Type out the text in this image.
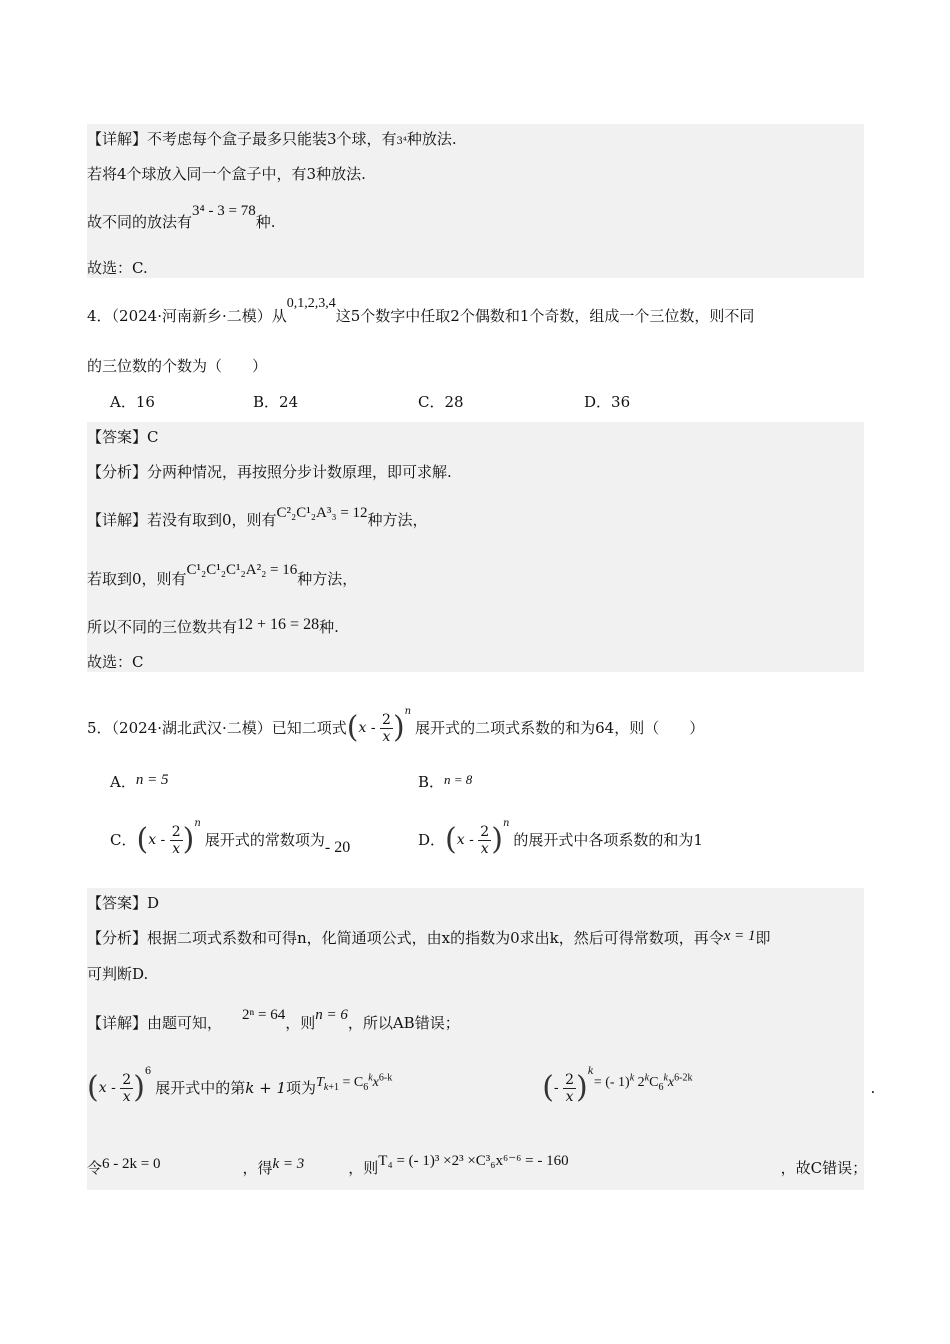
【详解】不考虑每个盒子最多只能装3个球，有3⁴种放法.
若将4个球放入同一个盒子中，有3种放法.
故不同的放法有3⁴ - 3 = 78种.
故选：C.
4．（2024·河南新乡·二模）从0,1,2,3,4这5个数字中任取2个偶数和1个奇数，组成一个三位数，则不同
的三位数的个数为（　　）
A．16	B．24	C．28	D．36
【答案】C
【分析】分两种情况，再按照分步计数原理，即可求解.
【详解】若没有取到0，则有C²₂C¹₂A³₃ = 12种方法，
若取到0，则有C¹₂C¹₂C¹₂A²₂ = 16种方法，
所以不同的三位数共有12 + 16 = 28种.
故选：C
5．（2024·湖北武汉·二模）已知二项式$(x - \frac{2}{x} )^n$展开式的二项式系数的和为64，则（　　）
A．n = 5	B．n = 8
C．$(x - \frac{2}{x} )^n$展开式的常数项为- 20	D．$(x - \frac{2}{x} )^n$的展开式中各项系数的和为1
【答案】D
【分析】根据二项式系数和可得n，化简通项公式，由x的指数为0求出k，然后可得常数项，再令x = 1即
可判断D.
【详解】由题可知， 2ⁿ = 64，则n = 6，所以AB错误；
$(x - \frac{2}{x} )^6$展开式中的第k + 1项为$T_{k+1} = C_6^kx^{6-k}$	(- $\frac{2}{x} )^k=$ (- 1)$^k$ $2^kC_6^kx^{6-2k}$.
令6 - 2k = 0	，得k = 3	，则T₄ = (- 1)³ ×2³ ×C³₆x⁶⁻⁶ = - 160	，故C错误；
